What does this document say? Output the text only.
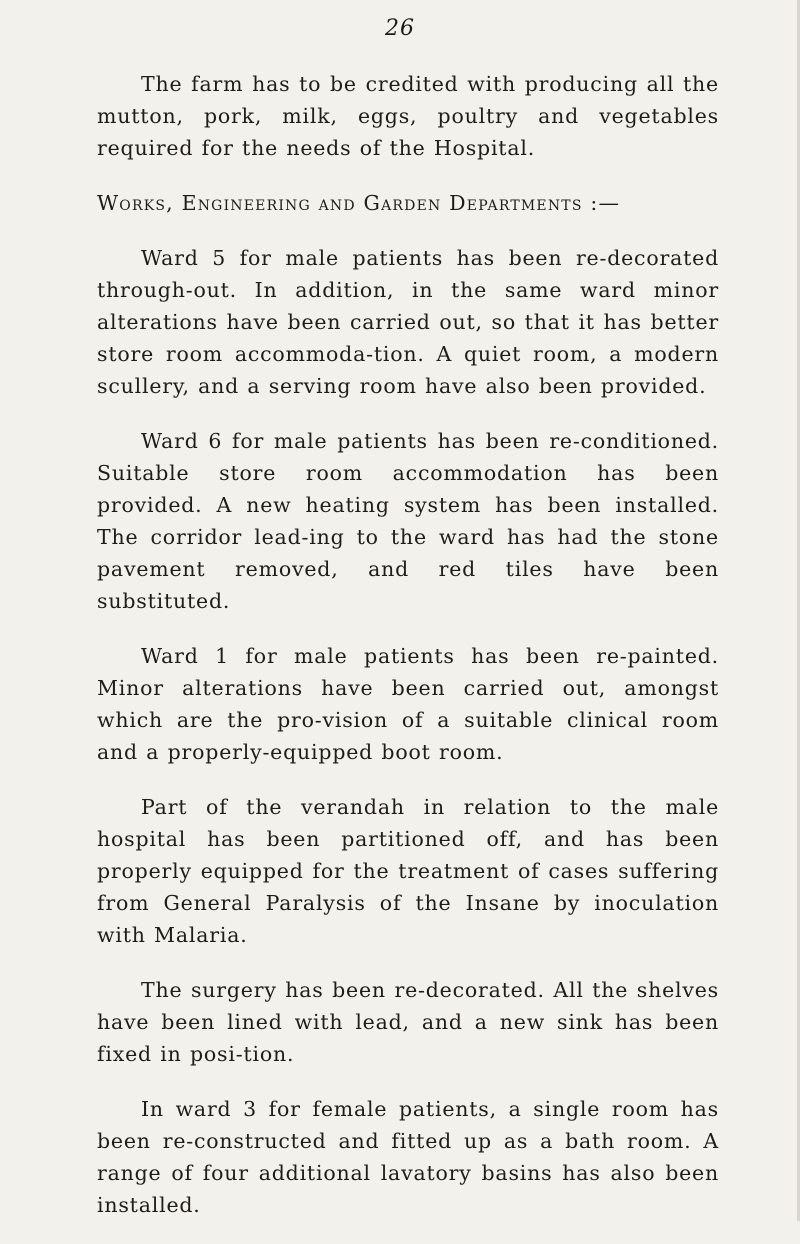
26

The farm has to be credited with producing all the mutton, pork, milk, eggs, poultry and vegetables required for the needs of the Hospital.

Works, Engineering and Garden Departments :—

Ward 5 for male patients has been re-decorated through-out. In addition, in the same ward minor alterations have been carried out, so that it has better store room accommoda-tion. A quiet room, a modern scullery, and a serving room have also been provided.

Ward 6 for male patients has been re-conditioned. Suitable store room accommodation has been provided. A new heating system has been installed. The corridor lead-ing to the ward has had the stone pavement removed, and red tiles have been substituted.

Ward 1 for male patients has been re-painted. Minor alterations have been carried out, amongst which are the pro-vision of a suitable clinical room and a properly-equipped boot room.

Part of the verandah in relation to the male hospital has been partitioned off, and has been properly equipped for the treatment of cases suffering from General Paralysis of the Insane by inoculation with Malaria.

The surgery has been re-decorated. All the shelves have been lined with lead, and a new sink has been fixed in posi-tion.

In ward 3 for female patients, a single room has been re-constructed and fitted up as a bath room. A range of four additional lavatory basins has also been installed.
